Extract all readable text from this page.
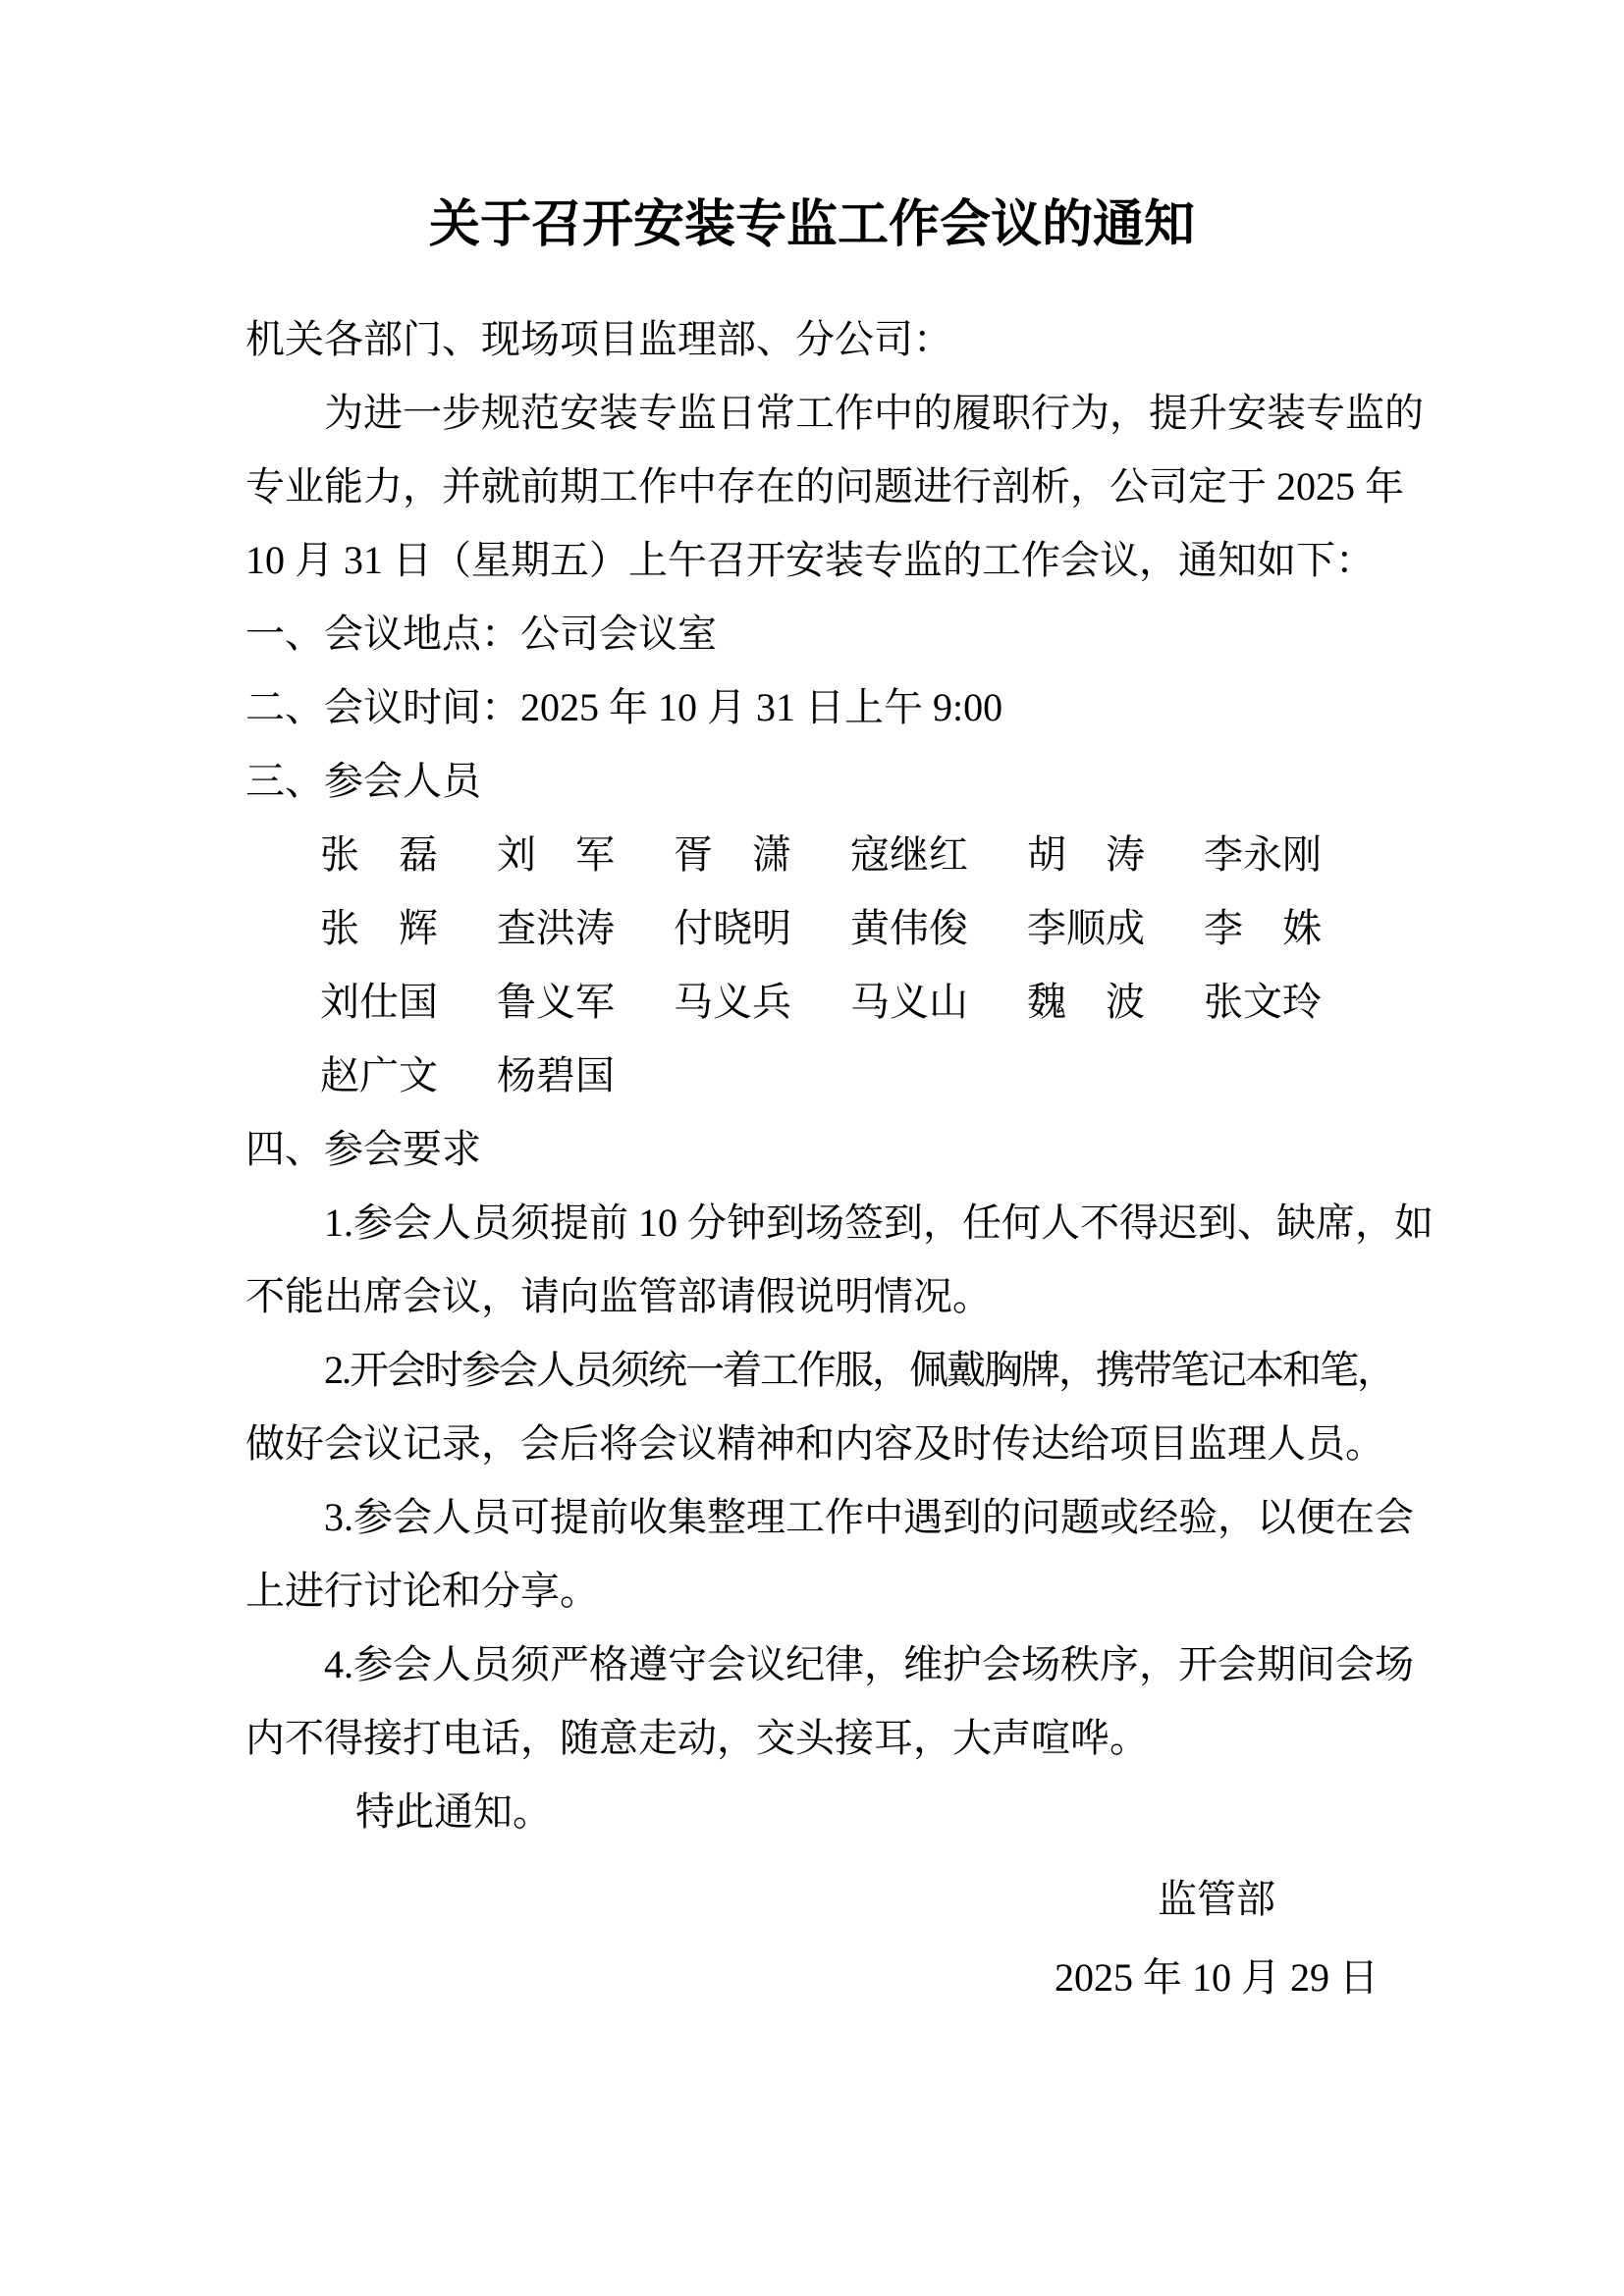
关于召开安装专监工作会议的通知
机关各部门、现场项目监理部、分公司：
为进一步规范安装专监日常工作中的履职行为，提升安装专监的
专业能力，并就前期工作中存在的问题进行剖析，公司定于 2025 年
10 月 31 日（星期五）上午召开安装专监的工作会议，通知如下：
一、会议地点：公司会议室
二、会议时间：2025 年 10 月 31 日上午 9:00
三、参会人员
张　磊 刘　军 胥　潇 寇继红 胡　涛 李永刚
张　辉 查洪涛 付晓明 黄伟俊 李顺成 李　姝
刘仕国 鲁义军 马义兵 马义山 魏　波 张文玲
赵广文 杨碧国
四、参会要求
1.参会人员须提前 10 分钟到场签到，任何人不得迟到、缺席，如
不能出席会议，请向监管部请假说明情况。
2.开会时参会人员须统一着工作服，佩戴胸牌，携带笔记本和笔，
做好会议记录，会后将会议精神和内容及时传达给项目监理人员。
3.参会人员可提前收集整理工作中遇到的问题或经验，以便在会
上进行讨论和分享。
4.参会人员须严格遵守会议纪律，维护会场秩序，开会期间会场
内不得接打电话，随意走动，交头接耳，大声喧哗。
特此通知。
监管部
2025 年 10 月 29 日
